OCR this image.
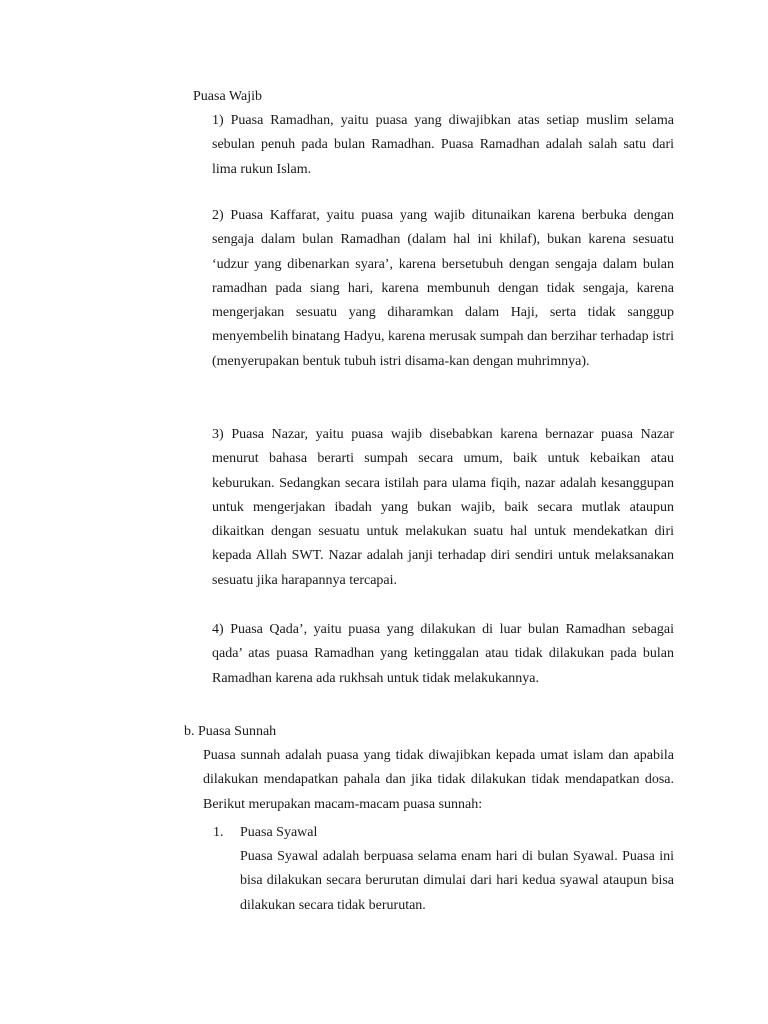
Puasa Wajib

1) Puasa Ramadhan, yaitu puasa yang diwajibkan atas setiap muslim selama sebulan penuh pada bulan Ramadhan. Puasa Ramadhan adalah salah satu dari lima rukun Islam.

2) Puasa Kaffarat, yaitu puasa yang wajib ditunaikan karena berbuka dengan sengaja dalam bulan Ramadhan (dalam hal ini khilaf), bukan karena sesuatu ‘udzur yang dibenarkan syara’, karena bersetubuh dengan sengaja dalam bulan ramadhan pada siang hari, karena membunuh dengan tidak sengaja, karena mengerjakan sesuatu yang diharamkan dalam Haji, serta tidak sanggup menyembelih binatang Hadyu, karena merusak sumpah dan berzihar terhadap istri (menyerupakan bentuk tubuh istri disama-kan dengan muhrimnya).

3) Puasa Nazar, yaitu puasa wajib disebabkan karena bernazar puasa Nazar menurut bahasa berarti sumpah secara umum, baik untuk kebaikan atau keburukan. Sedangkan secara istilah para ulama fiqih, nazar adalah kesanggupan untuk mengerjakan ibadah yang bukan wajib, baik secara mutlak ataupun dikaitkan dengan sesuatu untuk melakukan suatu hal untuk mendekatkan diri kepada Allah SWT. Nazar adalah janji terhadap diri sendiri untuk melaksanakan sesuatu jika harapannya tercapai.

4) Puasa Qada’, yaitu puasa yang dilakukan di luar bulan Ramadhan sebagai qada’ atas puasa Ramadhan yang ketinggalan atau tidak dilakukan pada bulan Ramadhan karena ada rukhsah untuk tidak melakukannya.

b. Puasa Sunnah

Puasa sunnah adalah puasa yang tidak diwajibkan kepada umat islam dan apabila dilakukan mendapatkan pahala dan jika tidak dilakukan tidak mendapatkan dosa. Berikut merupakan macam-macam puasa sunnah:

1. Puasa Syawal

Puasa Syawal adalah berpuasa selama enam hari di bulan Syawal. Puasa ini bisa dilakukan secara berurutan dimulai dari hari kedua syawal ataupun bisa dilakukan secara tidak berurutan.
